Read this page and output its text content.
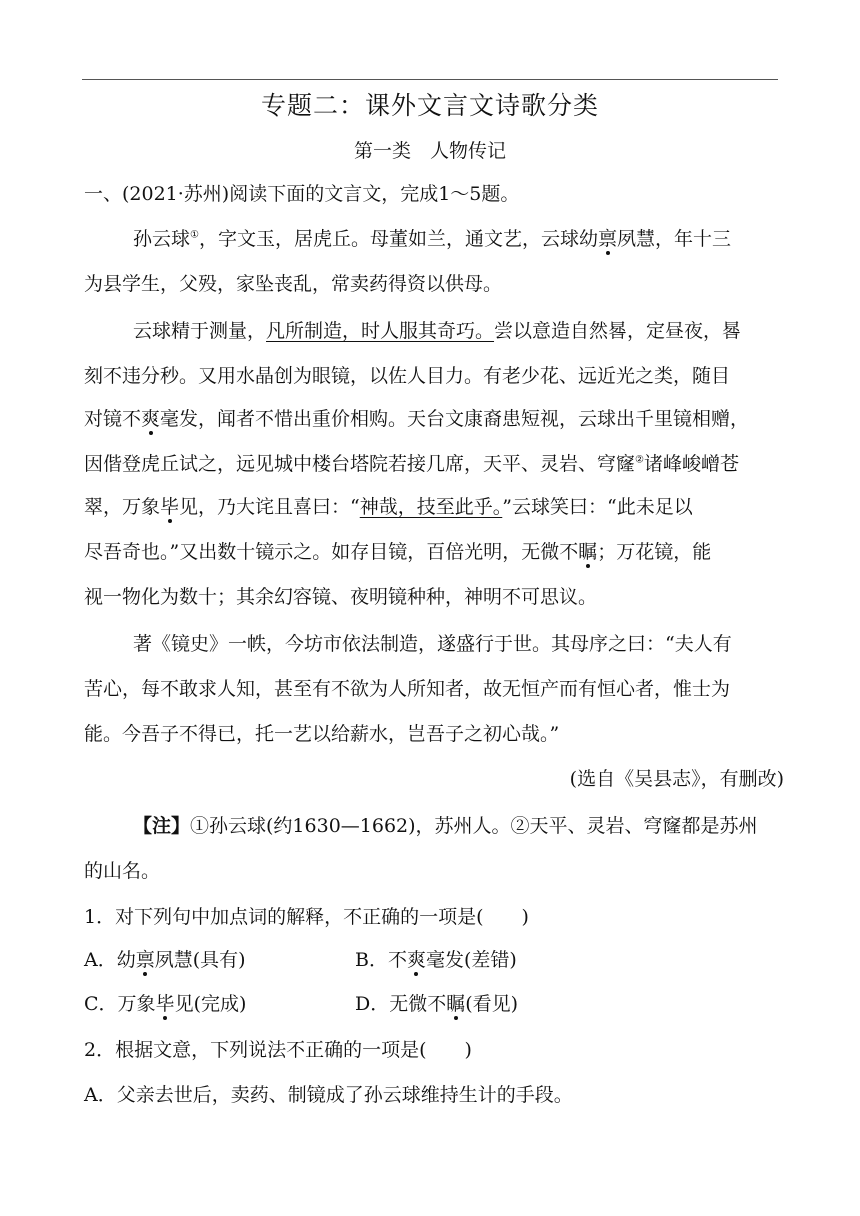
专题二：课外文言文诗歌分类
第一类　人物传记
一、(2021·苏州)阅读下面的文言文，完成1～5题。
孙云球①，字文玉，居虎丘。母董如兰，通文艺，云球幼禀夙慧，年十三
为县学生，父殁，家坠丧乱，常卖药得资以供母。
云球精于测量，凡所制造，时人服其奇巧。尝以意造自然晷，定昼夜，晷
刻不违分秒。又用水晶创为眼镜，以佐人目力。有老少花、远近光之类，随目
对镜不爽毫发，闻者不惜出重价相购。天台文康裔患短视，云球出千里镜相赠，
因偕登虎丘试之，远见城中楼台塔院若接几席，天平、灵岩、穹窿②诸峰峻嶒苍
翠，万象毕见，乃大诧且喜曰：“神哉，技至此乎。”云球笑曰：“此未足以
尽吾奇也。”又出数十镜示之。如存目镜，百倍光明，无微不瞩；万花镜，能
视一物化为数十；其余幻容镜、夜明镜种种，神明不可思议。
著《镜史》一帙，今坊市依法制造，遂盛行于世。其母序之曰：“夫人有
苦心，每不敢求人知，甚至有不欲为人所知者，故无恒产而有恒心者，惟士为
能。今吾子不得已，托一艺以给薪水，岂吾子之初心哉。”
(选自《吴县志》，有删改)
【注】①孙云球(约1630—1662)，苏州人。②天平、灵岩、穹窿都是苏州
的山名。
1．对下列句中加点词的解释，不正确的一项是(　　)
A．幼禀夙慧(具有)	B．不爽毫发(差错)
C．万象毕见(完成)	D．无微不瞩(看见)
2．根据文意，下列说法不正确的一项是(　　)
A．父亲去世后，卖药、制镜成了孙云球维持生计的手段。
